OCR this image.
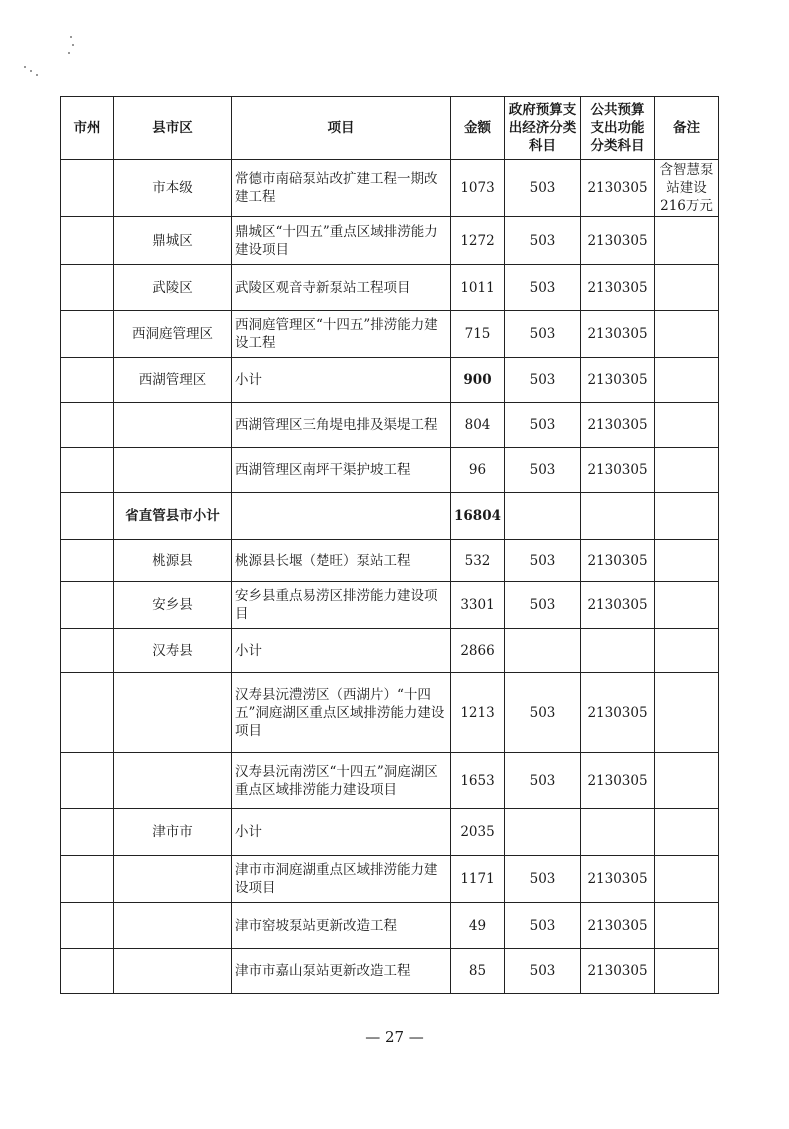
市州	县市区	项目	金额	政府预算支出经济分类科目	公共预算支出功能分类科目	备注
	市本级	常德市南碚泵站改扩建工程一期改建工程	1073	503	2130305	含智慧泵站建设216万元
	鼎城区	鼎城区“十四五”重点区域排涝能力建设项目	1272	503	2130305	
	武陵区	武陵区观音寺新泵站工程项目	1011	503	2130305	
	西洞庭管理区	西洞庭管理区“十四五”排涝能力建设工程	715	503	2130305	
	西湖管理区	小计	900	503	2130305	
		西湖管理区三角堤电排及渠堤工程	804	503	2130305	
		西湖管理区南坪干渠护坡工程	96	503	2130305	
	省直管县市小计		16804			
	桃源县	桃源县长堰（楚旺）泵站工程	532	503	2130305	
	安乡县	安乡县重点易涝区排涝能力建设项目	3301	503	2130305	
	汉寿县	小计	2866			
		汉寿县沅澧涝区（西湖片）“十四五”洞庭湖区重点区域排涝能力建设项目	1213	503	2130305	
		汉寿县沅南涝区“十四五”洞庭湖区重点区域排涝能力建设项目	1653	503	2130305	
	津市市	小计	2035			
		津市市洞庭湖重点区域排涝能力建设项目	1171	503	2130305	
		津市窑坡泵站更新改造工程	49	503	2130305	
		津市市嘉山泵站更新改造工程	85	503	2130305	
— 27 —
